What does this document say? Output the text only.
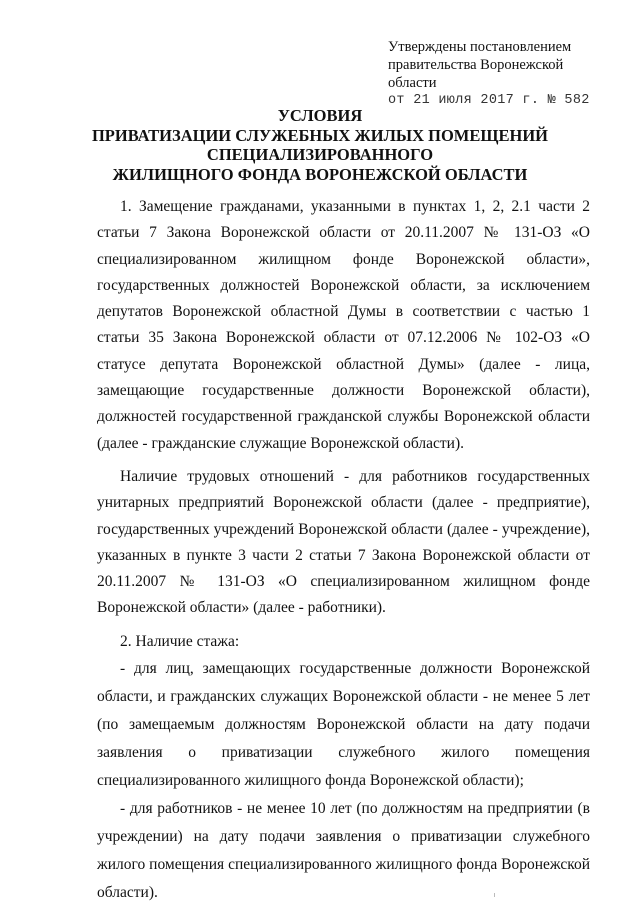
Утверждены постановлением
правительства Воронежской
области
от 21 июля 2017 г. № 582
УСЛОВИЯ
ПРИВАТИЗАЦИИ СЛУЖЕБНЫХ ЖИЛЫХ ПОМЕЩЕНИЙ
СПЕЦИАЛИЗИРОВАННОГО
ЖИЛИЩНОГО ФОНДА ВОРОНЕЖСКОЙ ОБЛАСТИ

1. Замещение гражданами, указанными в пунктах 1, 2, 2.1 части 2 статьи 7 Закона Воронежской области от 20.11.2007 № 131-ОЗ «О специализированном жилищном фонде Воронежской области», государственных должностей Воронежской области, за исключением депутатов Воронежской областной Думы в соответствии с частью 1 статьи 35 Закона Воронежской области от 07.12.2006 № 102-ОЗ «О статусе депутата Воронежской областной Думы» (далее - лица, замещающие государственные должности Воронежской области), должностей государственной гражданской службы Воронежской области (далее - гражданские служащие Воронежской области).

Наличие трудовых отношений - для работников государственных унитарных предприятий Воронежской области (далее - предприятие), государственных учреждений Воронежской области (далее - учреждение), указанных в пункте 3 части 2 статьи 7 Закона Воронежской области от 20.11.2007 № 131-ОЗ «О специализированном жилищном фонде Воронежской области» (далее - работники).

2. Наличие стажа:

- для лиц, замещающих государственные должности Воронежской области, и гражданских служащих Воронежской области - не менее 5 лет (по замещаемым должностям Воронежской области на дату подачи заявления о приватизации служебного жилого помещения специализированного жилищного фонда Воронежской области);

- для работников - не менее 10 лет (по должностям на предприятии (в учреждении) на дату подачи заявления о приватизации служебного жилого помещения специализированного жилищного фонда Воронежской области).
